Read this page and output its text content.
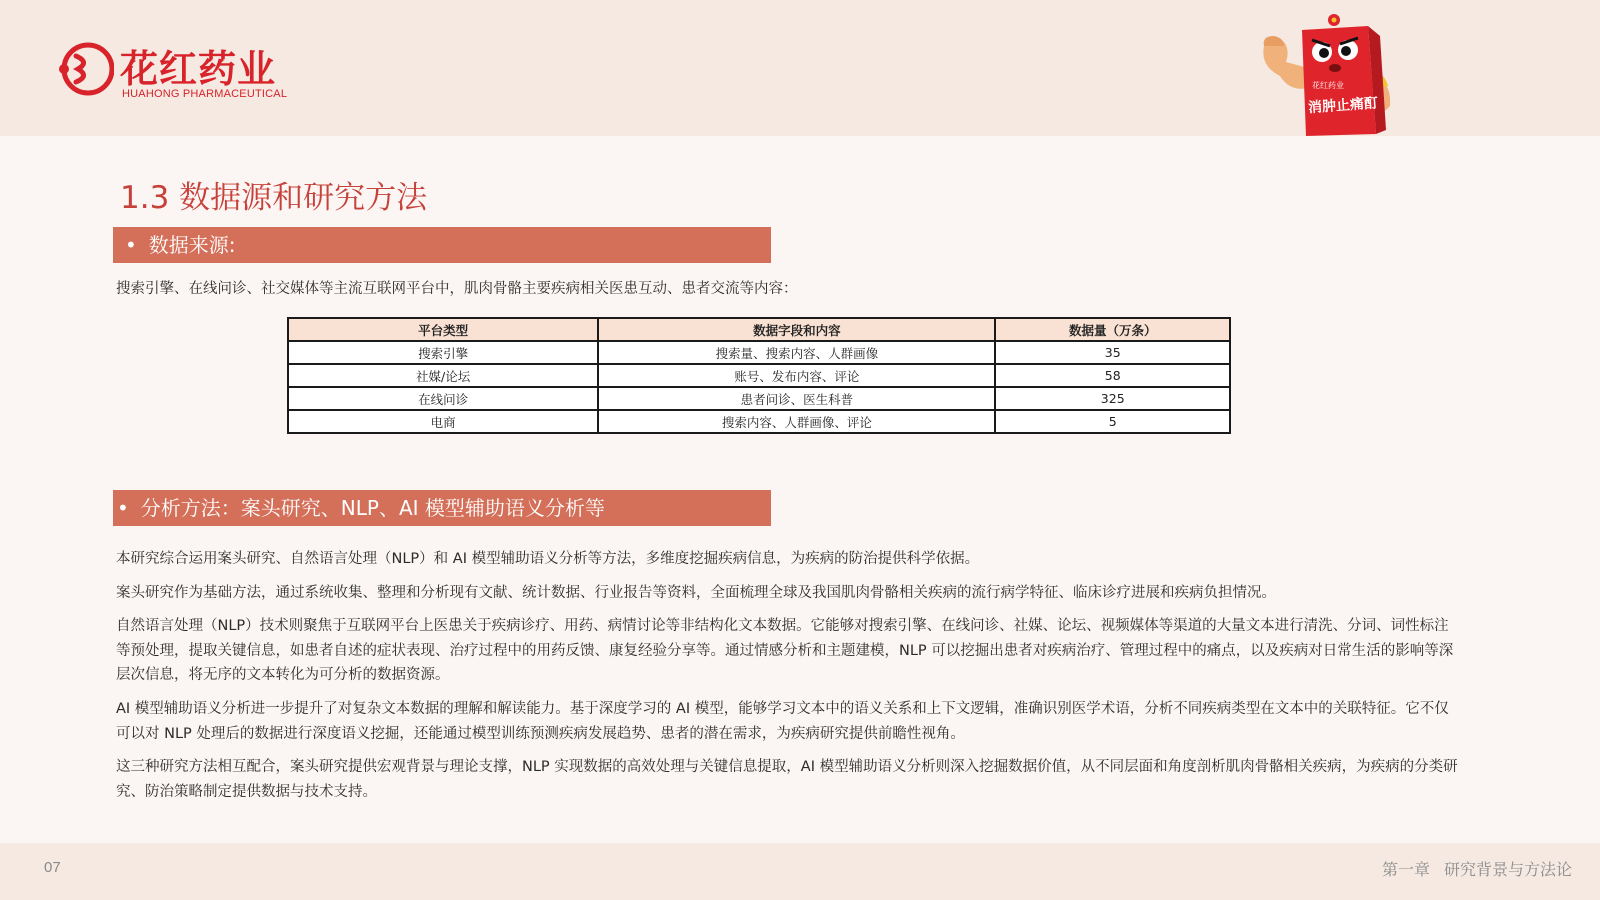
花红药业
HUAHONG PHARMACEUTICAL
花红药业
消肿止痛酊
1.3 数据源和研究方法
• 数据来源:
搜索引擎、在线问诊、社交媒体等主流互联网平台中，肌肉骨骼主要疾病相关医患互动、患者交流等内容：
平台类型	数据字段和内容	数据量（万条）
搜索引擎	搜索量、搜索内容、人群画像	35
社媒/论坛	账号、发布内容、评论	58
在线问诊	患者问诊、医生科普	325
电商	搜索内容、人群画像、评论	5
• 分析方法：案头研究、NLP、AI 模型辅助语义分析等

本研究综合运用案头研究、自然语言处理（NLP）和 AI 模型辅助语义分析等方法，多维度挖掘疾病信息，为疾病的防治提供科学依据。

案头研究作为基础方法，通过系统收集、整理和分析现有文献、统计数据、行业报告等资料，全面梳理全球及我国肌肉骨骼相关疾病的流行病学特征、临床诊疗进展和疾病负担情况。

自然语言处理（NLP）技术则聚焦于互联网平台上医患关于疾病诊疗、用药、病情讨论等非结构化文本数据。它能够对搜索引擎、在线问诊、社媒、论坛、视频媒体等渠道的大量文本进行清洗、分词、词性标注等预处理，提取关键信息，如患者自述的症状表现、治疗过程中的用药反馈、康复经验分享等。通过情感分析和主题建模，NLP 可以挖掘出患者对疾病治疗、管理过程中的痛点，以及疾病对日常生活的影响等深层次信息，将无序的文本转化为可分析的数据资源。

AI 模型辅助语义分析进一步提升了对复杂文本数据的理解和解读能力。基于深度学习的 AI 模型，能够学习文本中的语义关系和上下文逻辑，准确识别医学术语，分析不同疾病类型在文本中的关联特征。它不仅可以对 NLP 处理后的数据进行深度语义挖掘，还能通过模型训练预测疾病发展趋势、患者的潜在需求，为疾病研究提供前瞻性视角。

这三种研究方法相互配合，案头研究提供宏观背景与理论支撑，NLP 实现数据的高效处理与关键信息提取，AI 模型辅助语义分析则深入挖掘数据价值，从不同层面和角度剖析肌肉骨骼相关疾病，为疾病的分类研究、防治策略制定提供数据与技术支持。

07	第一章 研究背景与方法论
